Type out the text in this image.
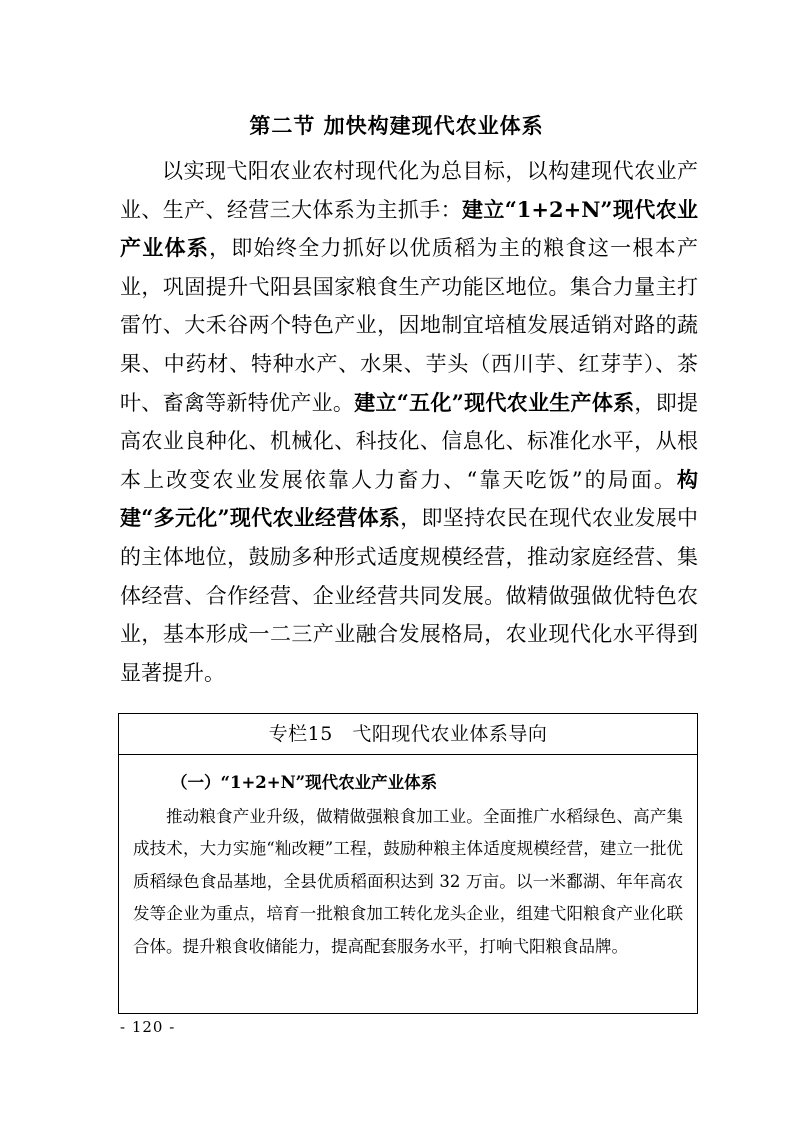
第二节 加快构建现代农业体系
以实现弋阳农业农村现代化为总目标，以构建现代农业产业、生产、经营三大体系为主抓手：建立“1+2+N”现代农业产业体系，即始终全力抓好以优质稻为主的粮食这一根本产业，巩固提升弋阳县国家粮食生产功能区地位。集合力量主打雷竹、大禾谷两个特色产业，因地制宜培植发展适销对路的蔬果、中药材、特种水产、水果、芋头（西川芋、红芽芋）、茶叶、畜禽等新特优产业。建立“五化”现代农业生产体系，即提高农业良种化、机械化、科技化、信息化、标准化水平，从根本上改变农业发展依靠人力畜力、“靠天吃饭”的局面。构建“多元化”现代农业经营体系，即坚持农民在现代农业发展中的主体地位，鼓励多种形式适度规模经营，推动家庭经营、集体经营、合作经营、企业经营共同发展。做精做强做优特色农业，基本形成一二三产业融合发展格局，农业现代化水平得到显著提升。
专栏15　弋阳现代农业体系导向
（一）“1+2+N”现代农业产业体系
推动粮食产业升级，做精做强粮食加工业。全面推广水稻绿色、高产集成技术，大力实施“籼改粳”工程，鼓励种粮主体适度规模经营，建立一批优质稻绿色食品基地，全县优质稻面积达到 32 万亩。以一米鄱湖、年年高农发等企业为重点，培育一批粮食加工转化龙头企业，组建弋阳粮食产业化联合体。提升粮食收储能力，提高配套服务水平，打响弋阳粮食品牌。
- 120 -
